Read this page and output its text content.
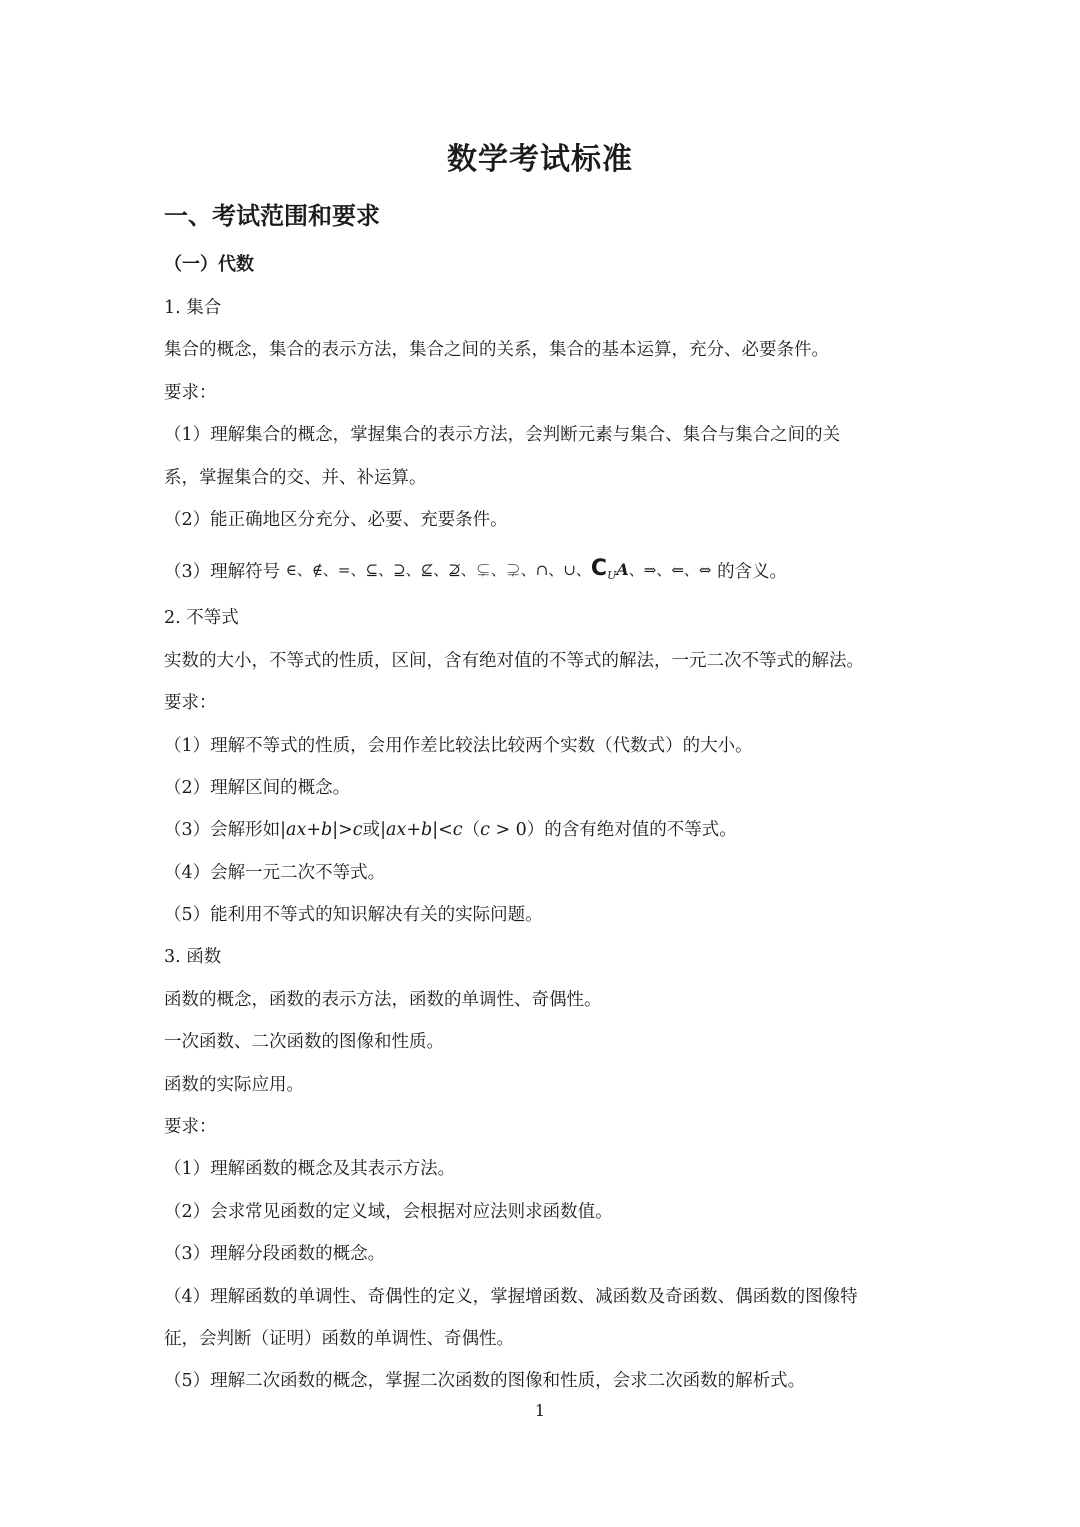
数学考试标准
一、考试范围和要求
（一）代数
1. 集合
集合的概念，集合的表示方法，集合之间的关系，集合的基本运算，充分、必要条件。
要求：
（1）理解集合的概念，掌握集合的表示方法，会判断元素与集合、集合与集合之间的关
系，掌握集合的交、并、补运算。
（2）能正确地区分充分、必要、充要条件。
（3）理解符号 ∈、∉、=、⊆、⊇、⊈、⊉、⊊、⊋、∩、∪、$C_UA$、⇒、⇐、⇔ 的含义。
2. 不等式
实数的大小，不等式的性质，区间，含有绝对值的不等式的解法，一元二次不等式的解法。
要求：
（1）理解不等式的性质，会用作差比较法比较两个实数（代数式）的大小。
（2）理解区间的概念。
（3）会解形如|ax+b|>c或|ax+b|<c（c > 0）的含有绝对值的不等式。
（4）会解一元二次不等式。
（5）能利用不等式的知识解决有关的实际问题。
3. 函数
函数的概念，函数的表示方法，函数的单调性、奇偶性。
一次函数、二次函数的图像和性质。
函数的实际应用。
要求：
（1）理解函数的概念及其表示方法。
（2）会求常见函数的定义域，会根据对应法则求函数值。
（3）理解分段函数的概念。
（4）理解函数的单调性、奇偶性的定义，掌握增函数、减函数及奇函数、偶函数的图像特
征，会判断（证明）函数的单调性、奇偶性。
（5）理解二次函数的概念，掌握二次函数的图像和性质，会求二次函数的解析式。
1
